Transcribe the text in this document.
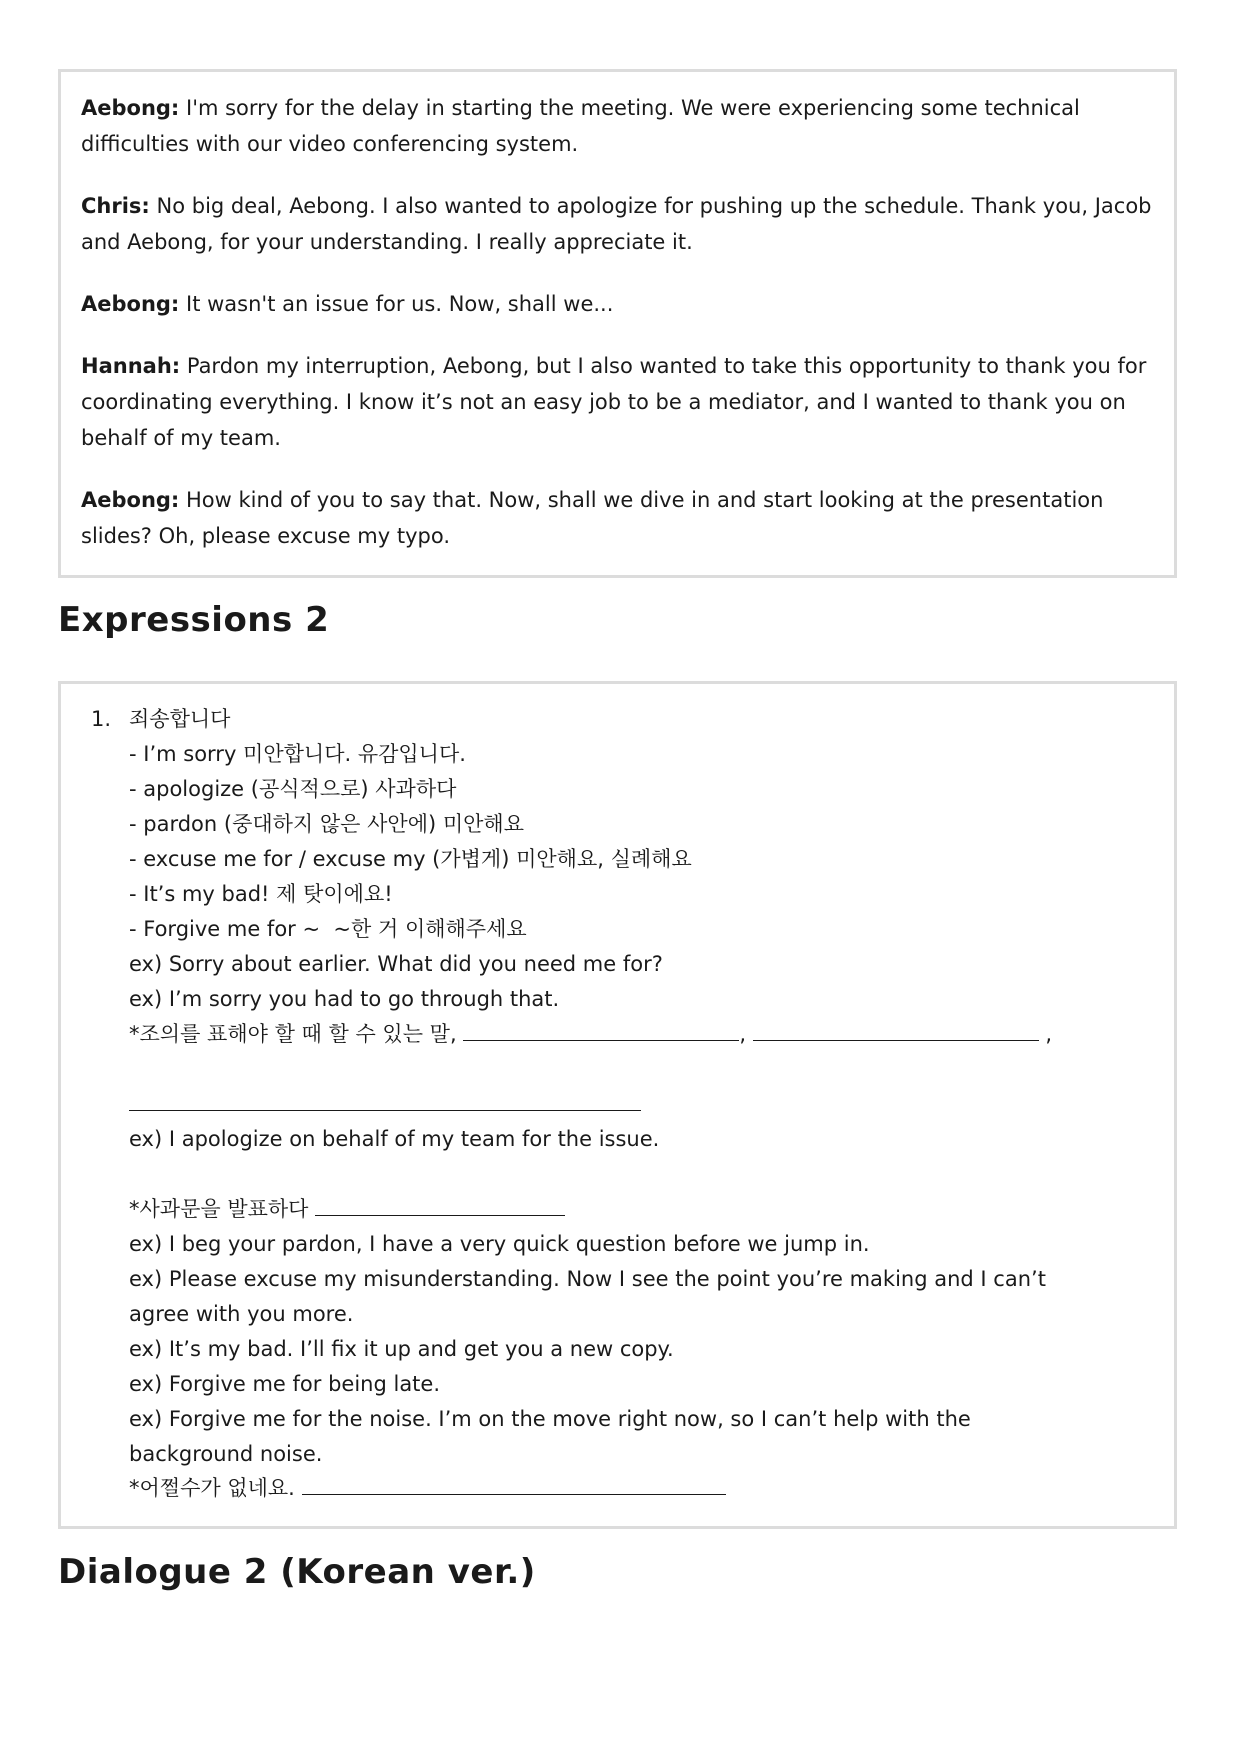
Aebong: I'm sorry for the delay in starting the meeting. We were experiencing some technical difficulties with our video conferencing system.

Chris: No big deal, Aebong. I also wanted to apologize for pushing up the schedule. Thank you, Jacob and Aebong, for your understanding. I really appreciate it.

Aebong: It wasn't an issue for us. Now, shall we...

Hannah: Pardon my interruption, Aebong, but I also wanted to take this opportunity to thank you for coordinating everything. I know it’s not an easy job to be a mediator, and I wanted to thank you on behalf of my team.

Aebong: How kind of you to say that. Now, shall we dive in and start looking at the presentation slides? Oh, please excuse my typo.

Expressions 2
1. 죄송합니다
- I’m sorry 미안합니다. 유감입니다.
- apologize (공식적으로) 사과하다
- pardon (중대하지 않은 사안에) 미안해요
- excuse me for / excuse my (가볍게) 미안해요, 실례해요
- It’s my bad! 제 탓이에요!
- Forgive me for ~  ~한 거 이해해주세요
ex) Sorry about earlier. What did you need me for?
ex) I’m sorry you had to go through that.
*조의를 표해야 할 때 할 수 있는 말,	,	,
ex) I apologize on behalf of my team for the issue.
*사과문을 발표하다
ex) I beg your pardon, I have a very quick question before we jump in.
ex) Please excuse my misunderstanding. Now I see the point you’re making and I can’t
agree with you more.
ex) It’s my bad. I’ll fix it up and get you a new copy.
ex) Forgive me for being late.
ex) Forgive me for the noise. I’m on the move right now, so I can’t help with the
background noise.
*어쩔수가 없네요.
Dialogue 2 (Korean ver.)
